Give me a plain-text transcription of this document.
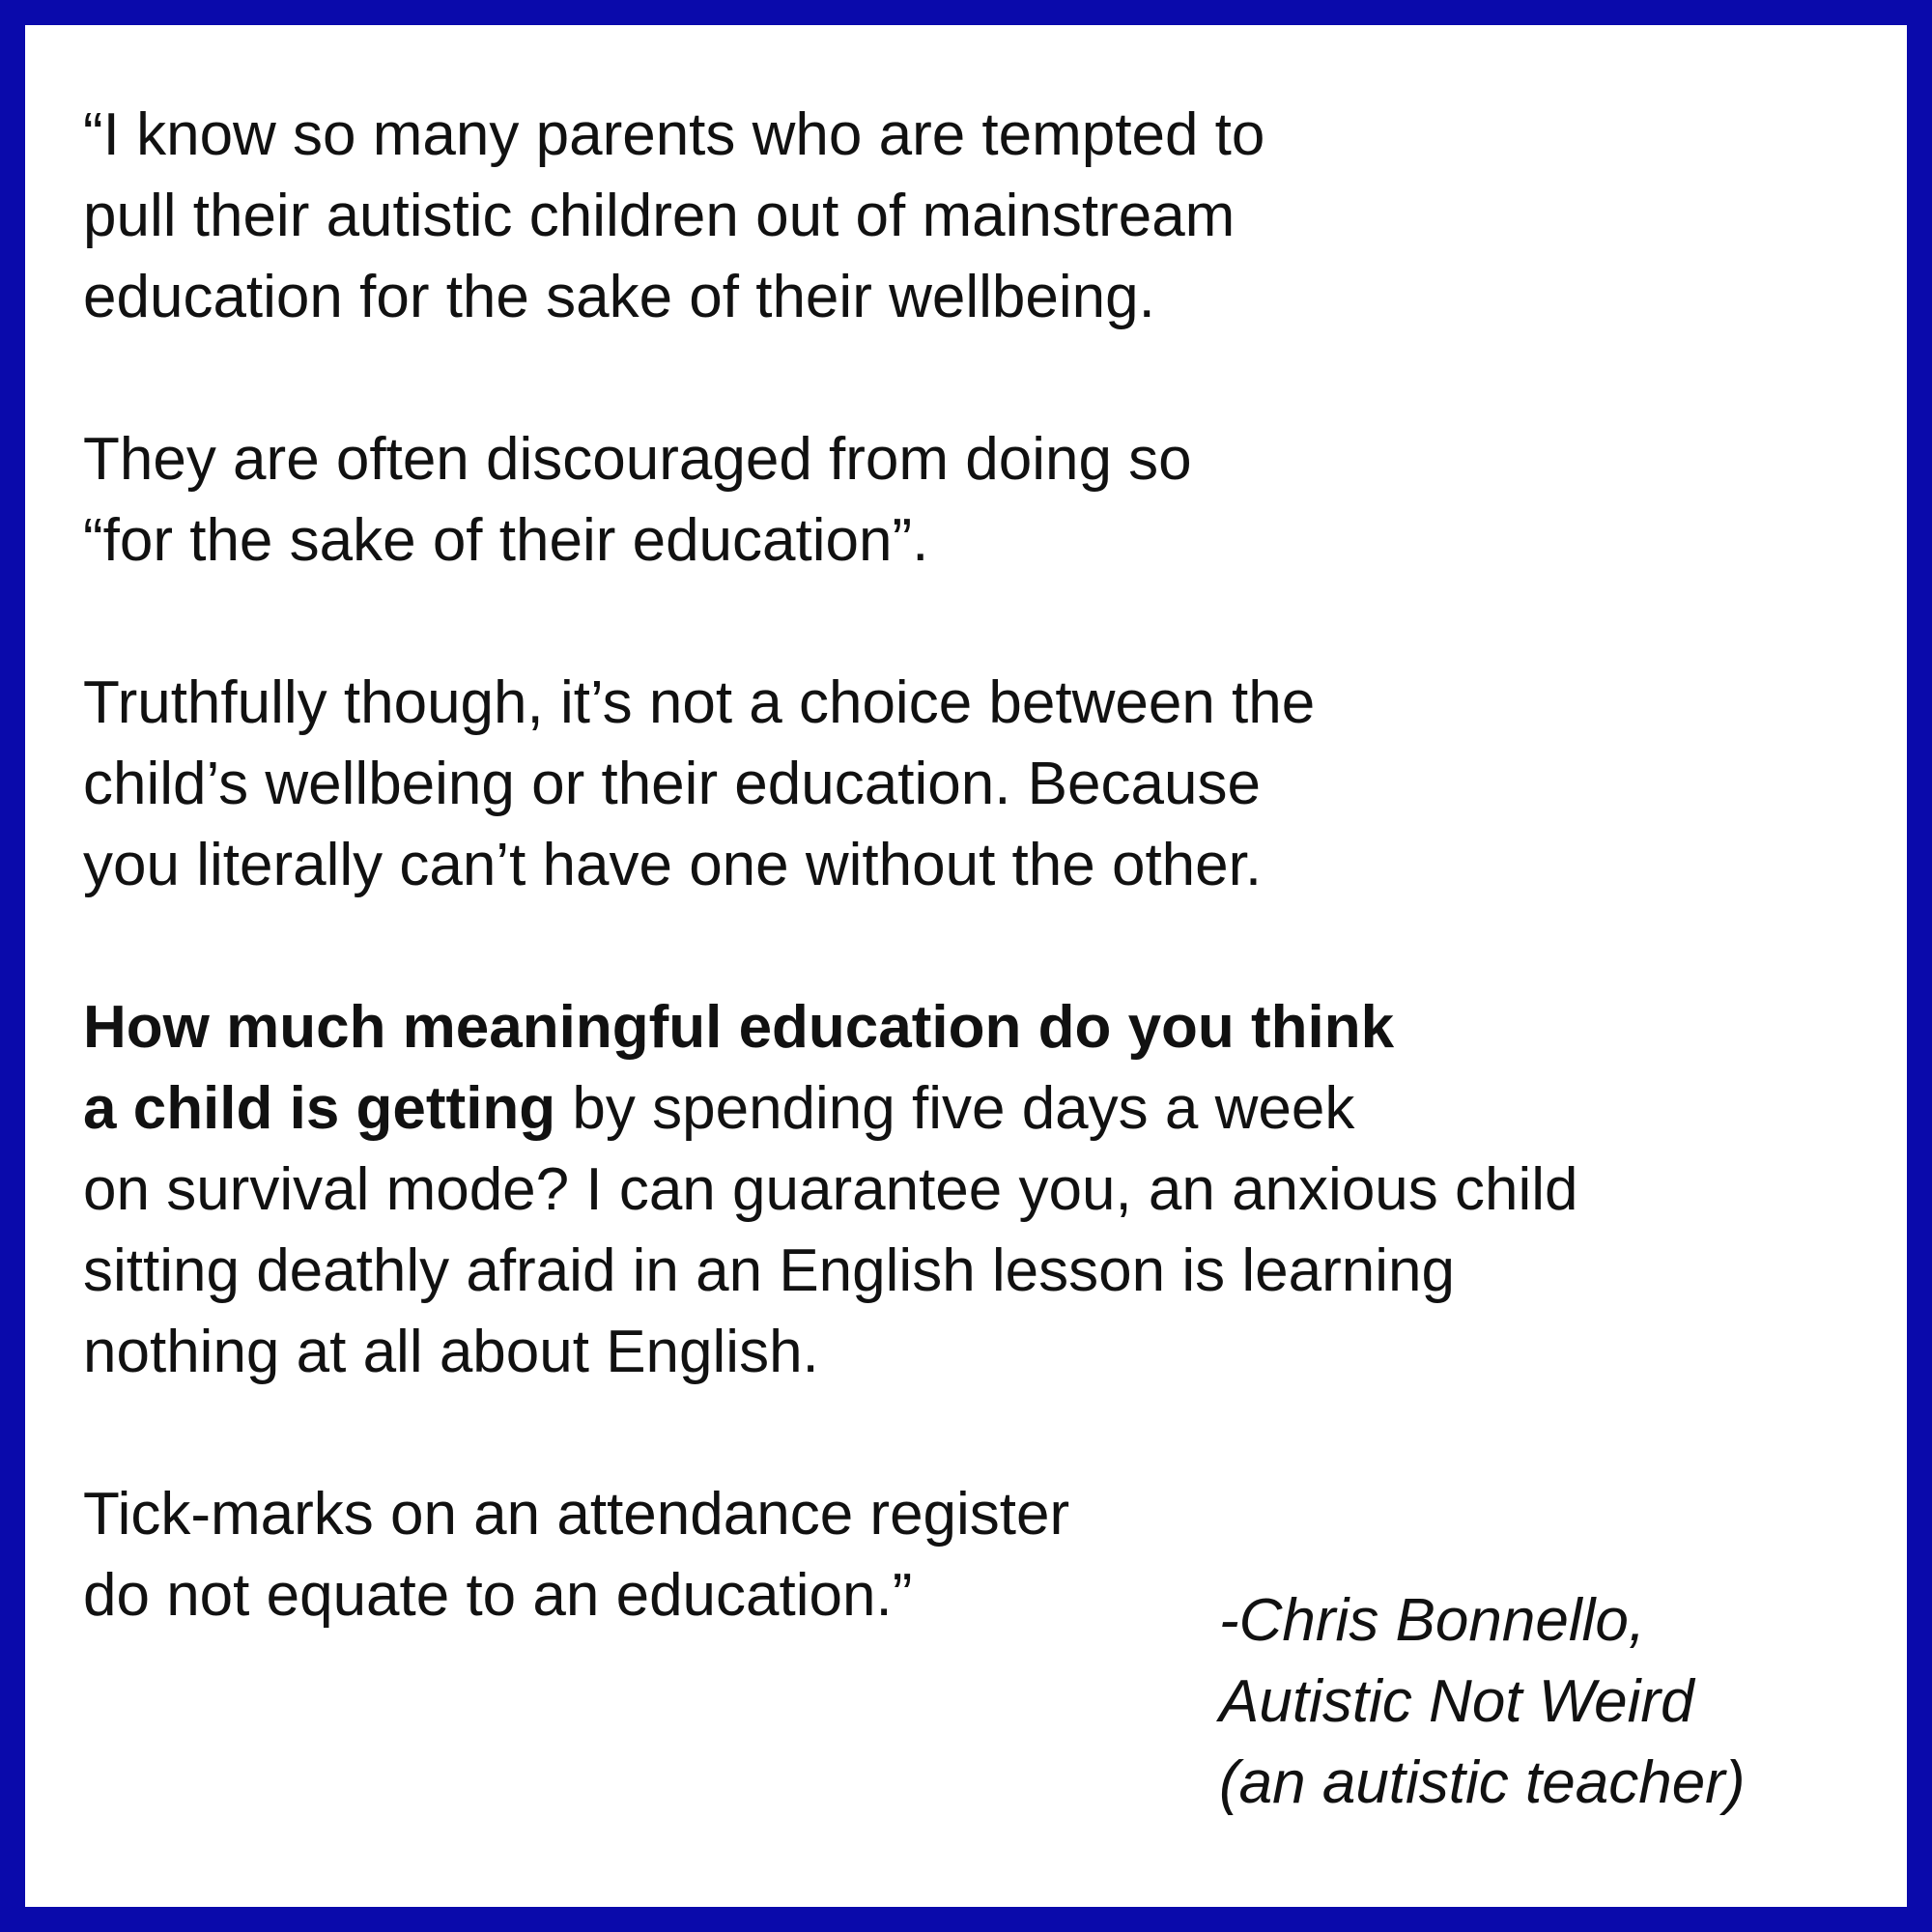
“I know so many parents who are tempted to
pull their autistic children out of mainstream
education for the sake of their wellbeing.
They are often discouraged from doing so
“for the sake of their education”.
Truthfully though, it’s not a choice between the
child’s wellbeing or their education. Because
you literally can’t have one without the other.
How much meaningful education do you think
a child is getting by spending five days a week
on survival mode? I can guarantee you, an anxious child
sitting deathly afraid in an English lesson is learning
nothing at all about English.
Tick-marks on an attendance register
do not equate to an education.”	-Chris Bonnello,
Autistic Not Weird
(an autistic teacher)
